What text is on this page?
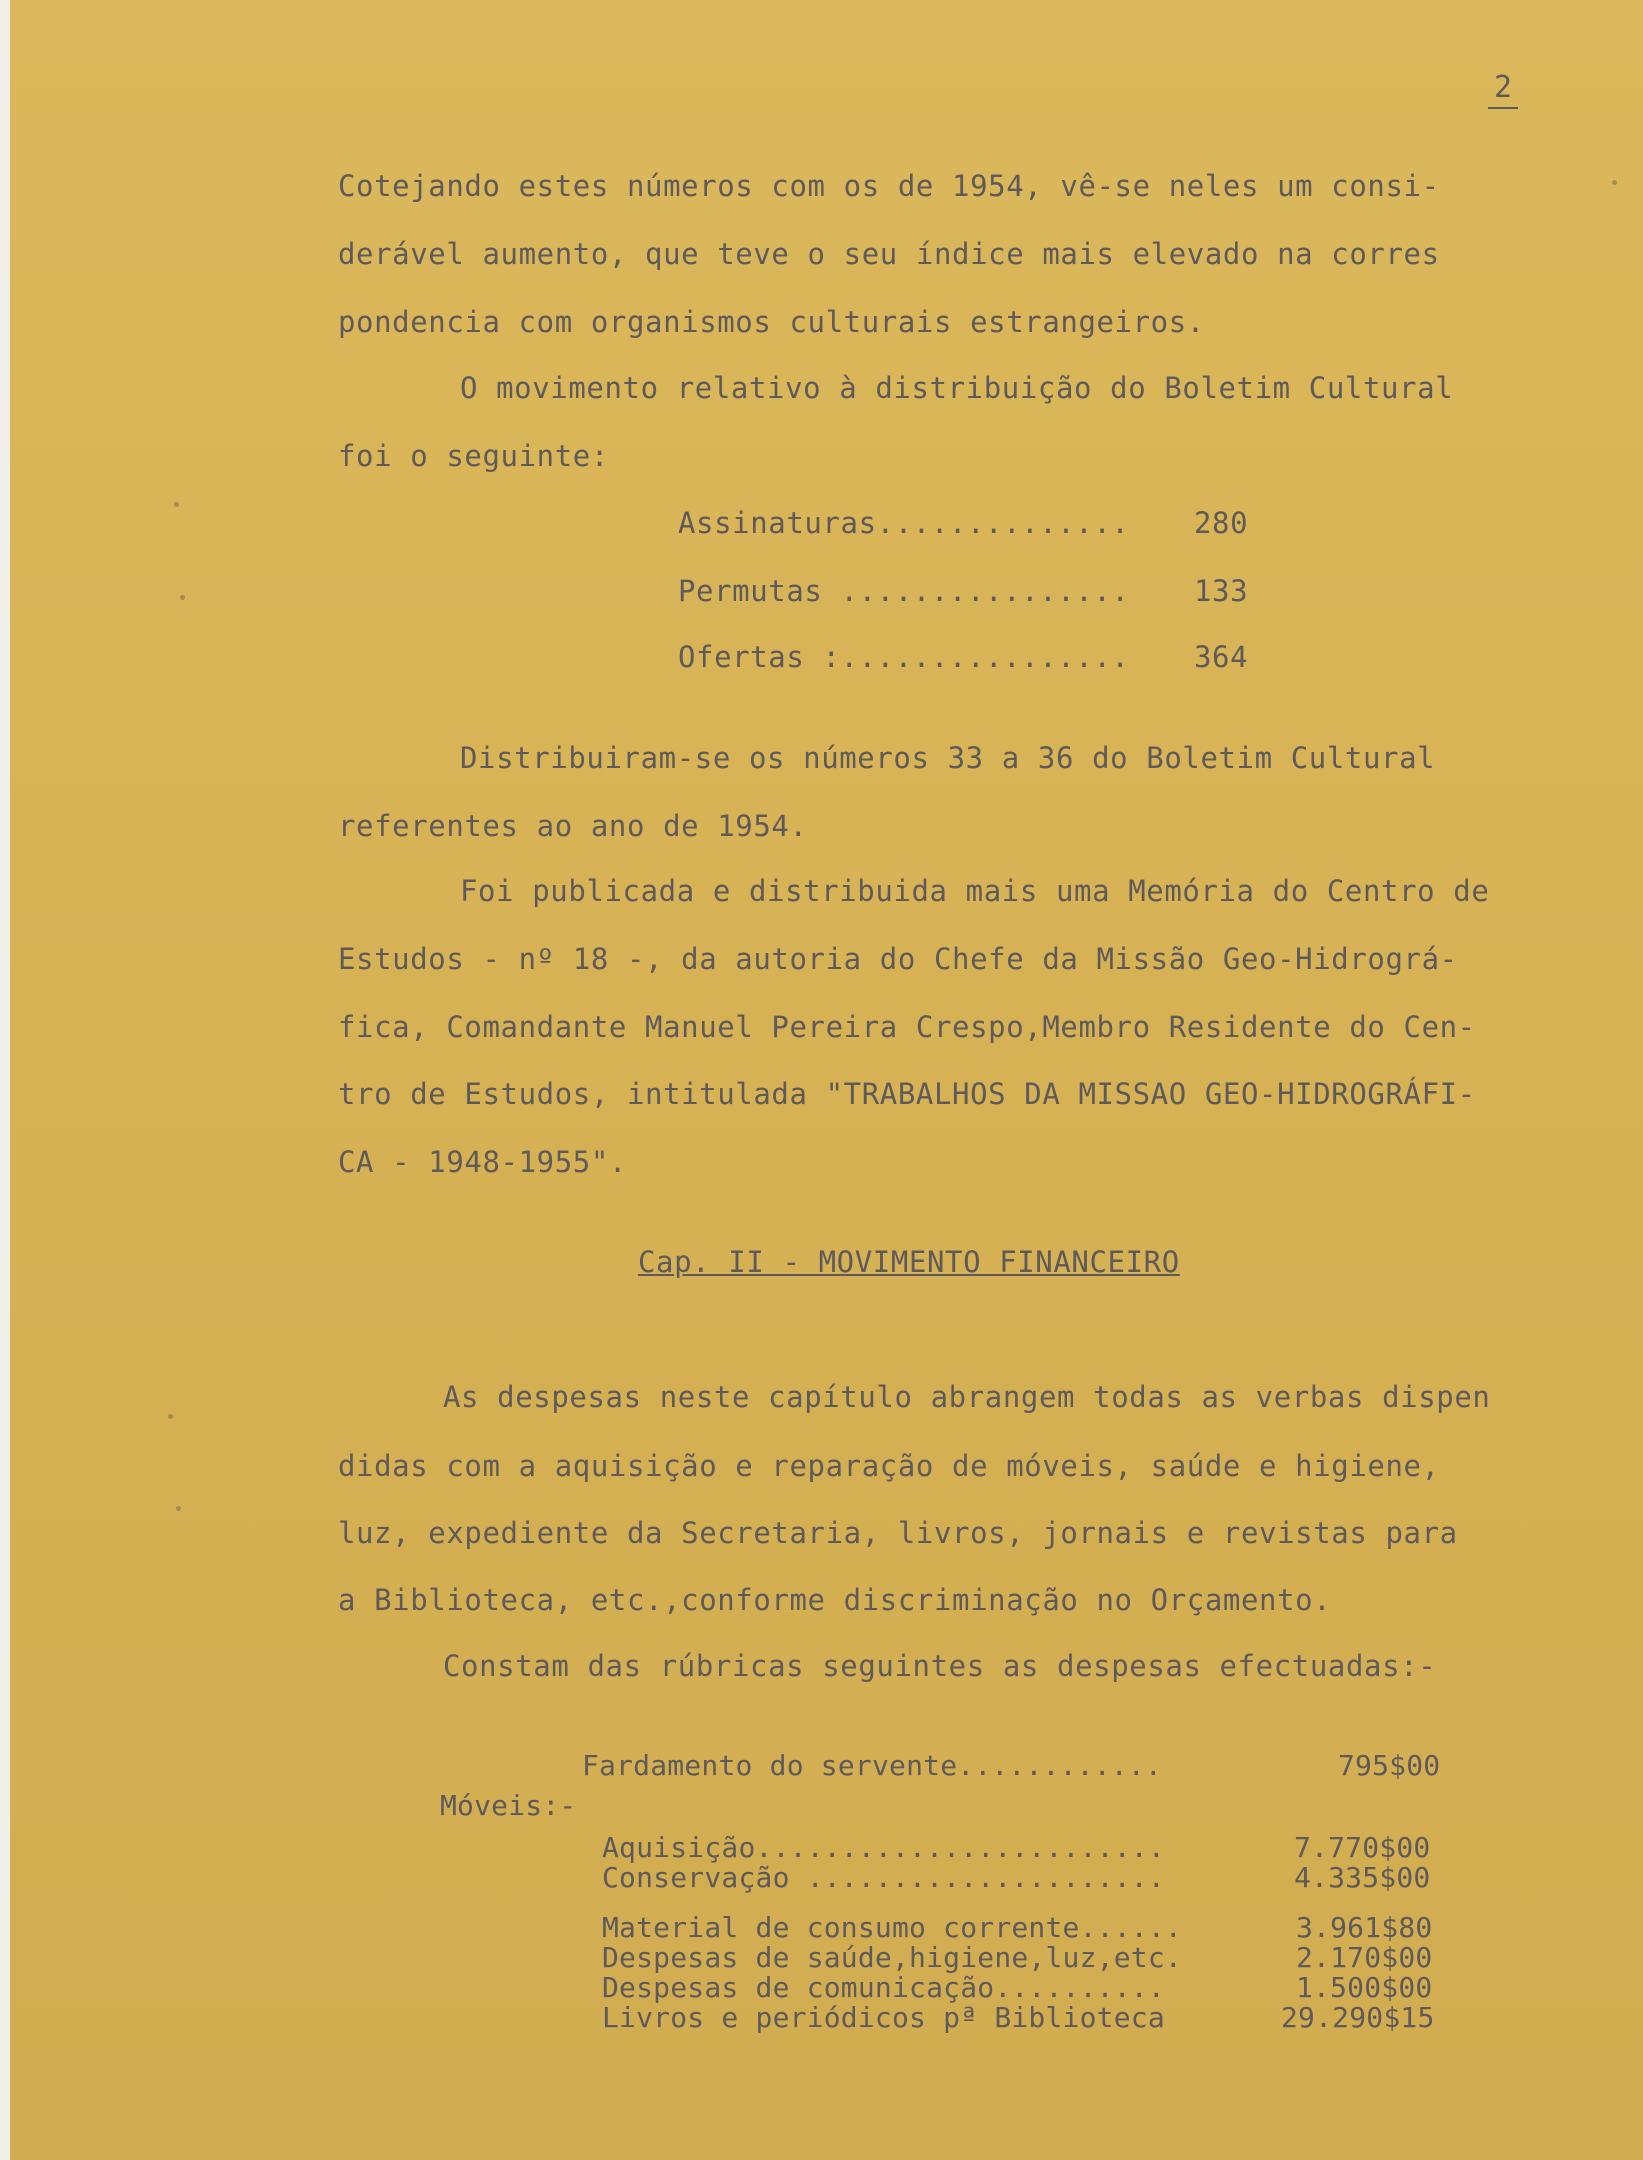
2
Cotejando estes números com os de 1954, vê-se neles um consi-
derável aumento, que teve o seu índice mais elevado na corres
pondencia com organismos culturais estrangeiros.
O movimento relativo à distribuição do Boletim Cultural
foi o seguinte:
Assinaturas.............. 280
Permutas ................ 133
Ofertas :................ 364
Distribuiram-se os números 33 a 36 do Boletim Cultural
referentes ao ano de 1954.
Foi publicada e distribuida mais uma Memória do Centro de
Estudos - nº 18 -, da autoria do Chefe da Missão Geo-Hidrográ-
fica, Comandante Manuel Pereira Crespo,Membro Residente do Cen-
tro de Estudos, intitulada "TRABALHOS DA MISSAO GEO-HIDROGRÁFI-
CA - 1948-1955".
Cap. II - MOVIMENTO FINANCEIRO
As despesas neste capítulo abrangem todas as verbas dispen
didas com a aquisição e reparação de móveis, saúde e higiene,
luz, expediente da Secretaria, livros, jornais e revistas para
a Biblioteca, etc.,conforme discriminação no Orçamento.
Constam das rúbricas seguintes as despesas efectuadas:-
Fardamento do servente............	795$00
Móveis:-
Aquisição........................	7.770$00
Conservação .....................	4.335$00
Material de consumo corrente......	3.961$80
Despesas de saúde,higiene,luz,etc.	2.170$00
Despesas de comunicação..........	1.500$00
Livros e periódicos pª Biblioteca	29.290$15
